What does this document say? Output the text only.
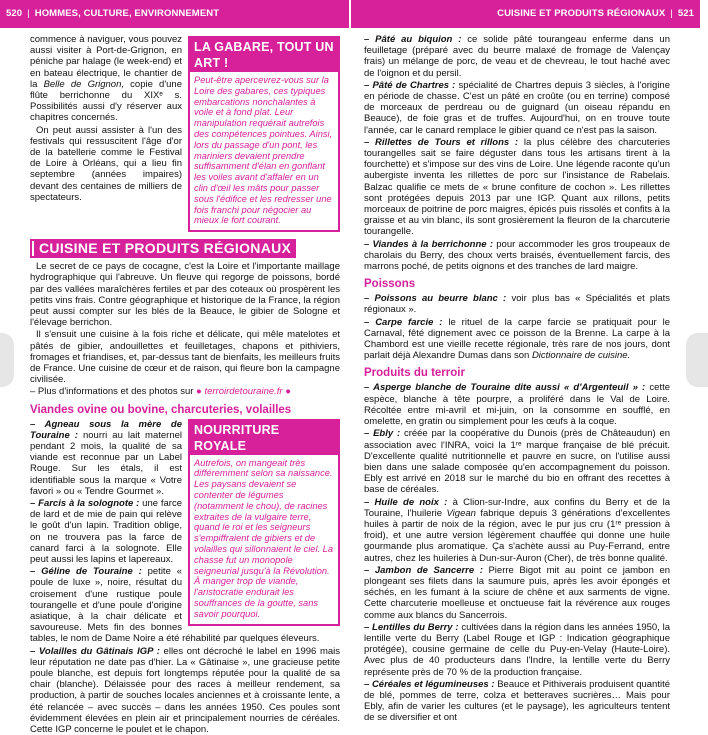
520 | HOMMES, CULTURE, ENVIRONNEMENT	CUISINE ET PRODUITS RÉGIONAUX | 521
LA GABARE, TOUT UN ART !
Peut-être apercevrez-vous sur la Loire des gabares, ces typiques embarcations nonchalantes à voile et à fond plat. Leur manipulation requérait autrefois des compétences pointues. Ainsi, lors du passage d'un pont, les mariniers devaient prendre suffisamment d'élan en gonflant les voiles avant d'affaler en un clin d'œil les mâts pour passer sous l'édifice et les redresser une fois franchi pour négocier au mieux le fort courant.

commence à naviguer, vous pouvez aussi visiter à Port-de-Grignon, en péniche par halage (le week-end) et en bateau électrique, le chantier de la Belle de Grignon, copie d'une flûte berrichonne du XIXᵉ s. Possibilités aussi d'y réserver aux chapitres concernés.

On peut aussi assister à l'un des festivals qui ressuscitent l'âge d'or de la batellerie comme le Festival de Loire à Orléans, qui a lieu fin septembre (années impaires) devant des centaines de milliers de spectateurs.

CUISINE ET PRODUITS RÉGIONAUX

Le secret de ce pays de cocagne, c'est la Loire et l'importante maillage hydrographique qui l'abreuve. Un fleuve qui regorge de poissons, bordé par des vallées maraîchères fertiles et par des coteaux où prospèrent les petits vins frais. Contre géographique et historique de la France, la région peut aussi compter sur les blés de la Beauce, le gibier de Sologne et l'élevage berrichon.

Il s'ensuit une cuisine à la fois riche et délicate, qui mêle matelotes et pâtés de gibier, andouillettes et feuilletages, chapons et pithiviers, fromages et friandises, et, par-dessus tant de bienfaits, les meilleurs fruits de France. Une cuisine de cœur et de raison, qui fleure bon la campagne civilisée.

– Plus d'informations et des photos sur ● terroirdetouraine.fr ●

Viandes ovine ou bovine, charcuteries, volailles
NOURRITURE ROYALE
Autrefois, on mangeait très différemment selon sa naissance. Les paysans devaient se contenter de légumes (notamment le chou), de racines extraites de la vulgaire terre, quand le roi et les seigneurs s'empiffraient de gibiers et de volailles qui sillonnaient le ciel. La chasse fut un monopole seigneurial jusqu'à la Révolution. À manger trop de viande, l'aristocratie endurait les souffrances de la goutte, sans savoir pourquoi.

– Agneau sous la mère de Touraine : nourri au lait maternel pendant 2 mois, la qualité de sa viande est reconnue par un Label Rouge. Sur les étals, il est identifiable sous la marque « Votre favori » ou « Tendre Gourmet ».

– Farcis à la solognote : une farce de lard et de mie de pain qui relève le goût d'un lapin. Tradition oblige, on ne trouvera pas la farce de canard farci à la solognote. Elle peut aussi les lapins et lapereaux.

– Géline de Touraine : petite « poule de luxe », noire, résultat du croisement d'une rustique poule tourangelle et d'une poule d'origine asiatique, à la chair délicate et savoureuse. Mets fin des bonnes tables, le nom de Dame Noire a été réhabilité par quelques éleveurs.

– Volailles du Gâtinais IGP : elles ont décroché le label en 1996 mais leur réputation ne date pas d'hier. La « Gâtinaise », une gracieuse petite poule blanche, est depuis fort longtemps réputée pour la qualité de sa chair (blanche). Délaissée pour des races à meilleur rendement, sa production, à partir de souches locales anciennes et à croissante lente, a été relancée – avec succès – dans les années 1950. Ces poules sont évidemment élevées en plein air et principalement nourries de céréales. Cette IGP concerne le poulet et le chapon.

– Pâté au biquion : ce solide pâté tourangeau enferme dans un feuilletage (préparé avec du beurre malaxé de fromage de Valençay frais) un mélange de porc, de veau et de chevreau, le tout haché avec de l'oignon et du persil.

– Pâté de Chartres : spécialité de Chartres depuis 3 siècles, à l'origine en période de chasse. C'est un pâté en croûte (ou en terrine) composé de morceaux de perdreau ou de guignard (un oiseau répandu en Beauce), de foie gras et de truffes. Aujourd'hui, on en trouve toute l'année, car le canard remplace le gibier quand ce n'est pas la saison.

– Rillettes de Tours et rillons : la plus célèbre des charcuteries tourangelles sait se faire déguster dans tous les artisans tirent à la fourchette) et s'impose sur des vins de Loire. Une légende raconte qu'un aubergiste inventa les rillettes de porc sur l'insistance de Rabelais. Balzac qualifie ce mets de « brune confiture de cochon ». Les rillettes sont protégées depuis 2013 par une IGP. Quant aux rillons, petits morceaux de poitrine de porc maigres, épicés puis rissolés et confits à la graisse et au vin blanc, ils sont grosièrement la fleuron de la charcuterie tourangelle.

– Viandes à la berrichonne : pour accommoder les gros troupeaux de charolais du Berry, des choux verts braisés, éventuellement farcis, des marrons poché, de petits oignons et des tranches de lard maigre.

Poissons

– Poissons au beurre blanc : voir plus bas « Spécialités et plats régionaux ».

– Carpe farcie : le rituel de la carpe farcie se pratiquait pour le Carnaval, fêté dignement avec ce poisson de la Brenne. La carpe à la Chambord est une vieille recette régionale, très rare de nos jours, dont parlait déjà Alexandre Dumas dans son Dictionnaire de cuisine.

Produits du terroir

– Asperge blanche de Touraine dite aussi « d'Argenteuil » : cette espèce, blanche à tête pourpre, a proliféré dans le Val de Loire. Récoltée entre mi-avril et mi-juin, on la consomme en soufflé, en omelette, en gratin ou simplement pour les œufs à la coque.

– Ebly : créée par la coopérative du Dunois (près de Châteaudun) en association avec l'INRA, voici la 1ʳᵉ marque française de blé précuit. D'excellente qualité nutritionnelle et pauvre en sucre, on l'utilise aussi bien dans une salade composée qu'en accompagnement du poisson. Ebly est arrivé en 2018 sur le marché du bio en offrant des recettes à base de céréales.

– Huile de noix : à Clion-sur-Indre, aux confins du Berry et de la Touraine, l'huilerie Vigean fabrique depuis 3 générations d'excellentes huiles à partir de noix de la région, avec le pur jus cru (1ʳᵉ pression à froid), et une autre version légèrement chauffée qui donne une huile gourmande plus aromatique. Ça s'achète aussi au Puy-Ferrand, entre autres, chez les huileries à Dun-sur-Auron (Cher), de très bonne qualité.

– Jambon de Sancerre : Pierre Bigot mit au point ce jambon en plongeant ses filets dans la saumure puis, après les avoir épongés et séchés, en les fumant à la sciure de chêne et aux sarments de vigne. Cette charcuterie moelleuse et onctueuse fait la révérence aux rouges comme aux blancs du Sancerrois.

– Lentilles du Berry : cultivées dans la région dans les années 1950, la lentille verte du Berry (Label Rouge et IGP : Indication géographique protégée), cousine germaine de celle du Puy-en-Velay (Haute-Loire). Avec plus de 40 producteurs dans l'Indre, la lentille verte du Berry représente près de 70 % de la production française.

– Céréales et légumineuses : Beauce et Pithiverais produisent quantité de blé, pommes de terre, colza et betteraves sucrières… Mais pour Ebly, afin de varier les cultures (et le paysage), les agriculteurs tentent de se diversifier et ont
